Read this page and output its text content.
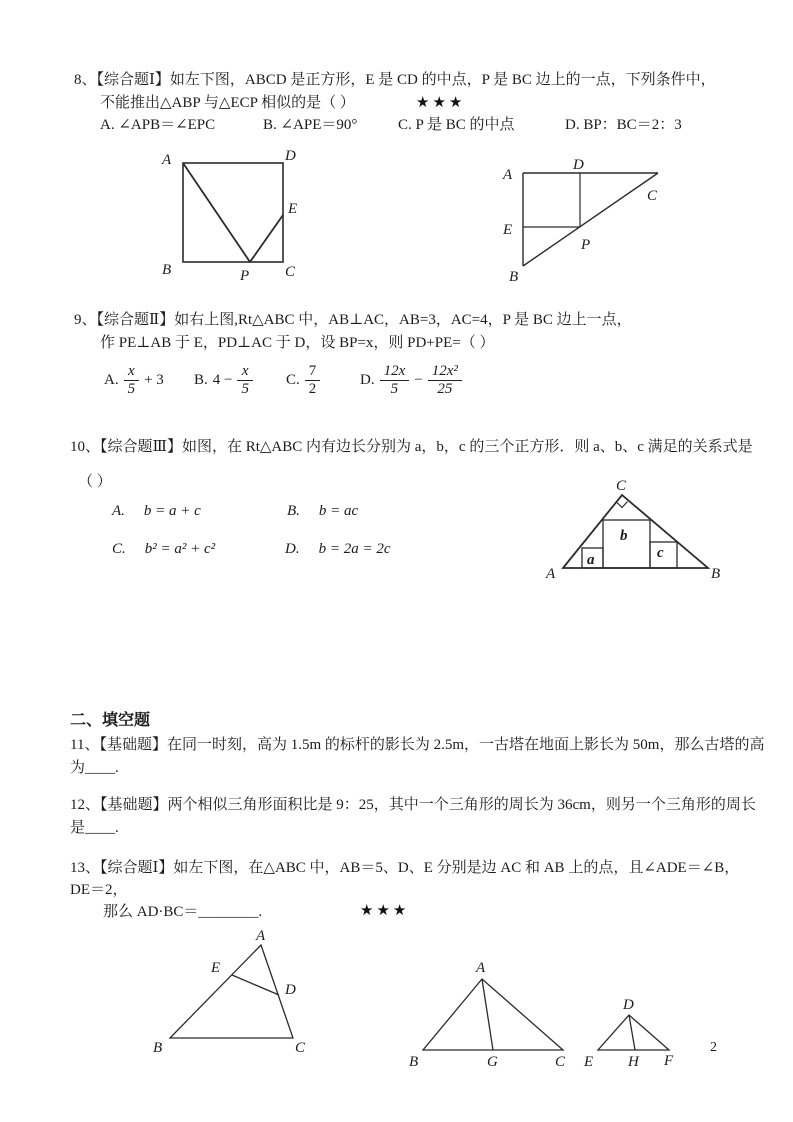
8、【综合题Ⅰ】如左下图，ABCD 是正方形，E 是 CD 的中点，P 是 BC 边上的一点，下列条件中，
不能推出△ABP 与△ECP 相似的是（ ）	★★★
A. ∠APB＝∠EPC	B. ∠APE＝90°	C. P 是 BC 的中点	D. BP：BC＝2：3
A	D
B	C
E
P
A
D
C
E
P
B
9、【综合题Ⅱ】如右上图,Rt△ABC 中，AB⊥AC，AB=3，AC=4，P 是 BC 边上一点，
作 PE⊥AB 于 E，PD⊥AC 于 D，设 BP=x，则 PD+PE=（ ）
A. $\frac{x}{5} + 3$ B. $4 - \frac{x}{5} C$. $\frac{7}{2}$	D. $\frac{12x}{5} - \frac{\text{12x²}}{25}$
10、【综合题Ⅲ】如图，在 Rt△ABC 内有边长分别为 a，b，c 的三个正方形．则 a、b、c 满足的关系式是
（ ）
A. b = a + c	B. b = ac
C. b² = a² + c²	D. b = 2a = 2c
C
A	B
b
a	c
二、填空题
11、【基础题】在同一时刻，高为 1.5m 的标杆的影长为 2.5m，一古塔在地面上影长为 50m，那么古塔的高
为____.
12、【基础题】两个相似三角形面积比是 9：25，其中一个三角形的周长为 36cm，则另一个三角形的周长
是____.
13、【综合题Ⅰ】如左下图，在△ABC 中，AB＝5、D、E 分别是边 AC 和 AB 上的点，且∠ADE＝∠B，
DE＝2，
那么 AD·BC＝________.	★★★
A
E
D
B	C
A
B	G	C
D
E H F
2
